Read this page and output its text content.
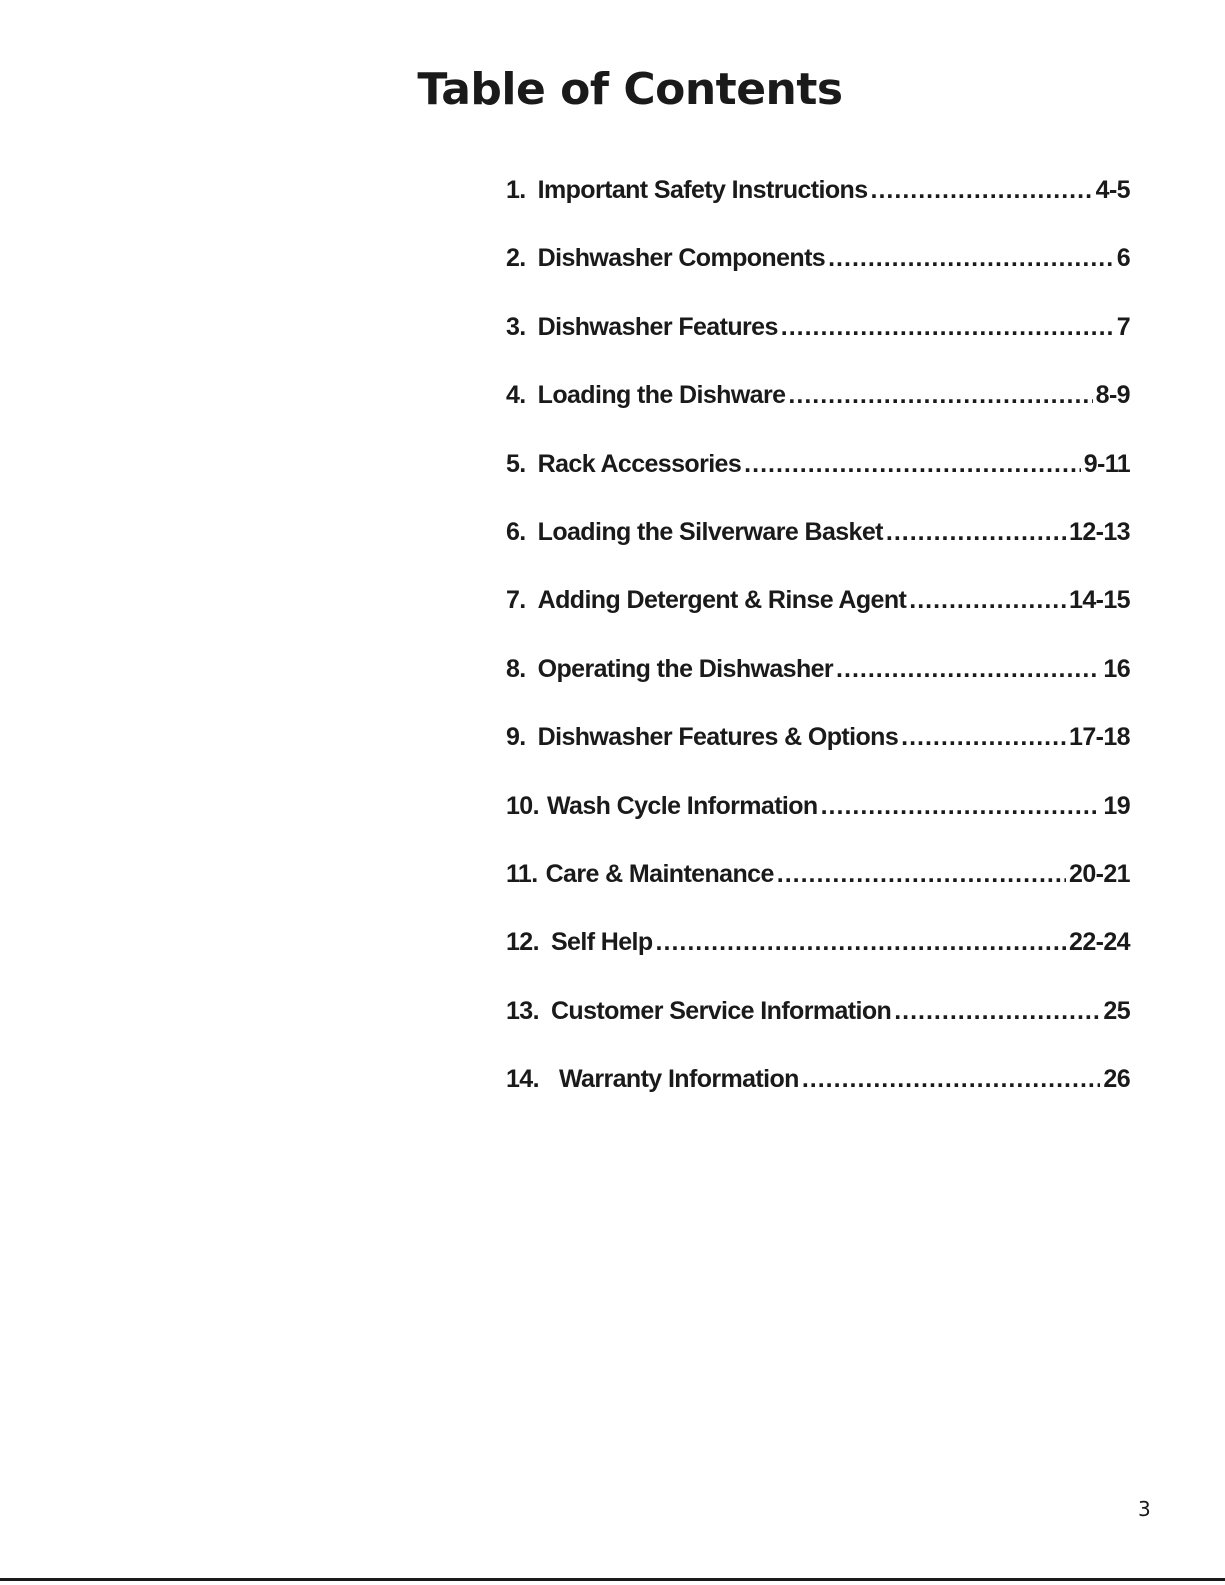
Table of Contents
1. Important Safety Instructions .....	4-5
2. Dishwasher Components .....	6
3. Dishwasher Features .....	7
4. Loading the Dishware .....	8-9
5. Rack Accessories .....	9-11
6. Loading the Silverware Basket .....	12-13
7. Adding Detergent & Rinse Agent .....	14-15
8. Operating the Dishwasher .....	16
9. Dishwasher Features & Options .....	17-18
10. Wash Cycle Information .....	19
11. Care & Maintenance .....	20-21
12. Self Help .....	22-24
13. Customer Service Information .....	25
14. Warranty Information .....	26
3
